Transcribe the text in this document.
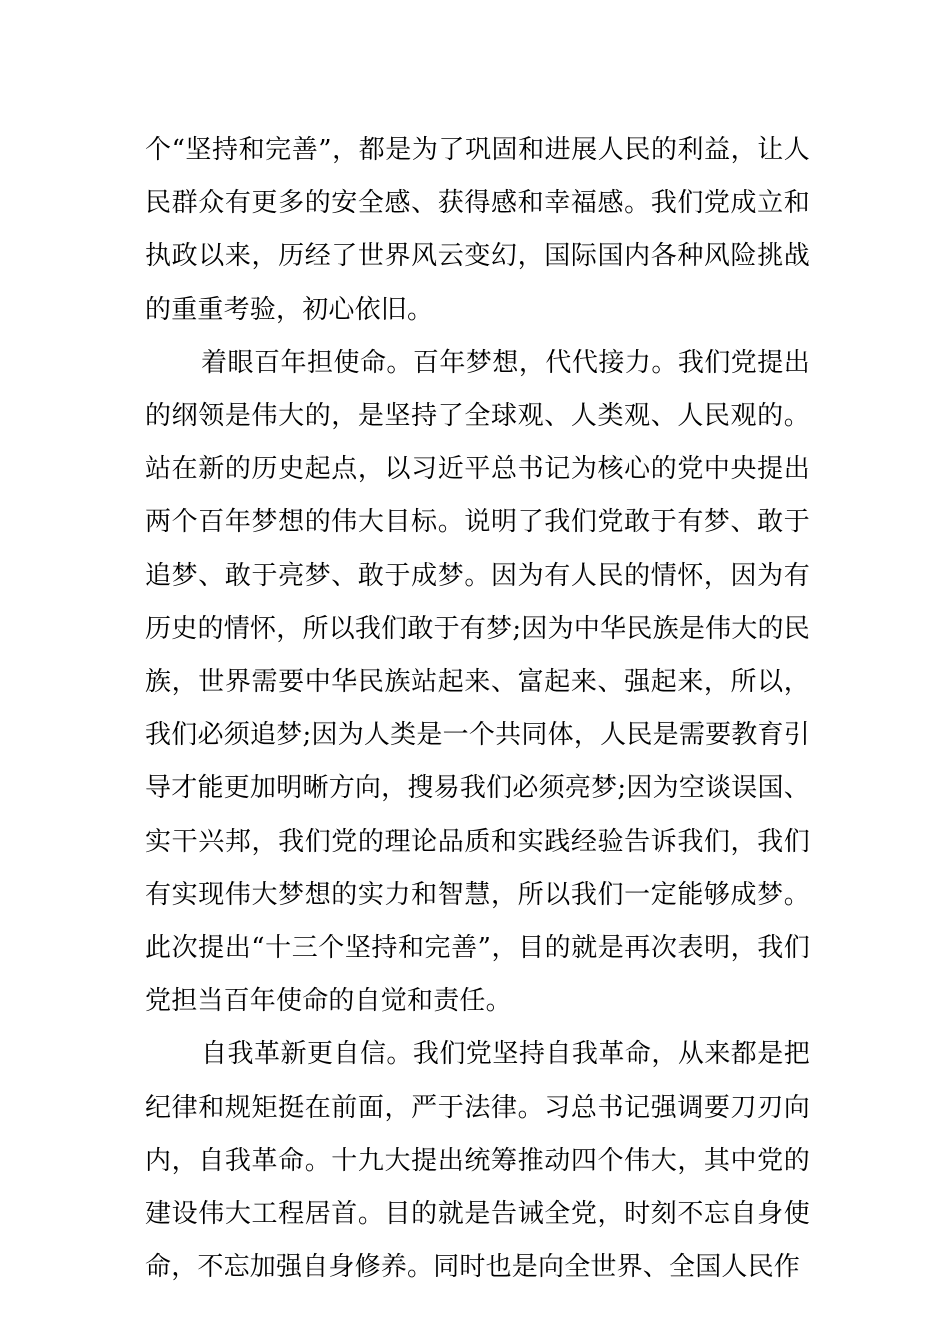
个“坚持和完善”，都是为了巩固和进展人民的利益，让人民群众有更多的安全感、获得感和幸福感。我们党成立和执政以来，历经了世界风云变幻，国际国内各种风险挑战的重重考验，初心依旧。

着眼百年担使命。百年梦想，代代接力。我们党提出的纲领是伟大的，是坚持了全球观、人类观、人民观的。站在新的历史起点，以习近平总书记为核心的党中央提出两个百年梦想的伟大目标。说明了我们党敢于有梦、敢于追梦、敢于亮梦、敢于成梦。因为有人民的情怀，因为有历史的情怀，所以我们敢于有梦;因为中华民族是伟大的民族，世界需要中华民族站起来、富起来、强起来，所以，我们必须追梦;因为人类是一个共同体，人民是需要教育引导才能更加明晰方向，搜易我们必须亮梦;因为空谈误国、实干兴邦，我们党的理论品质和实践经验告诉我们，我们有实现伟大梦想的实力和智慧，所以我们一定能够成梦。此次提出“十三个坚持和完善”，目的就是再次表明，我们党担当百年使命的自觉和责任。

自我革新更自信。我们党坚持自我革命，从来都是把纪律和规矩挺在前面，严于法律。习总书记强调要刀刃向内，自我革命。十九大提出统筹推动四个伟大，其中党的建设伟大工程居首。目的就是告诫全党，时刻不忘自身使命，不忘加强自身修养。同时也是向全世界、全国人民作
